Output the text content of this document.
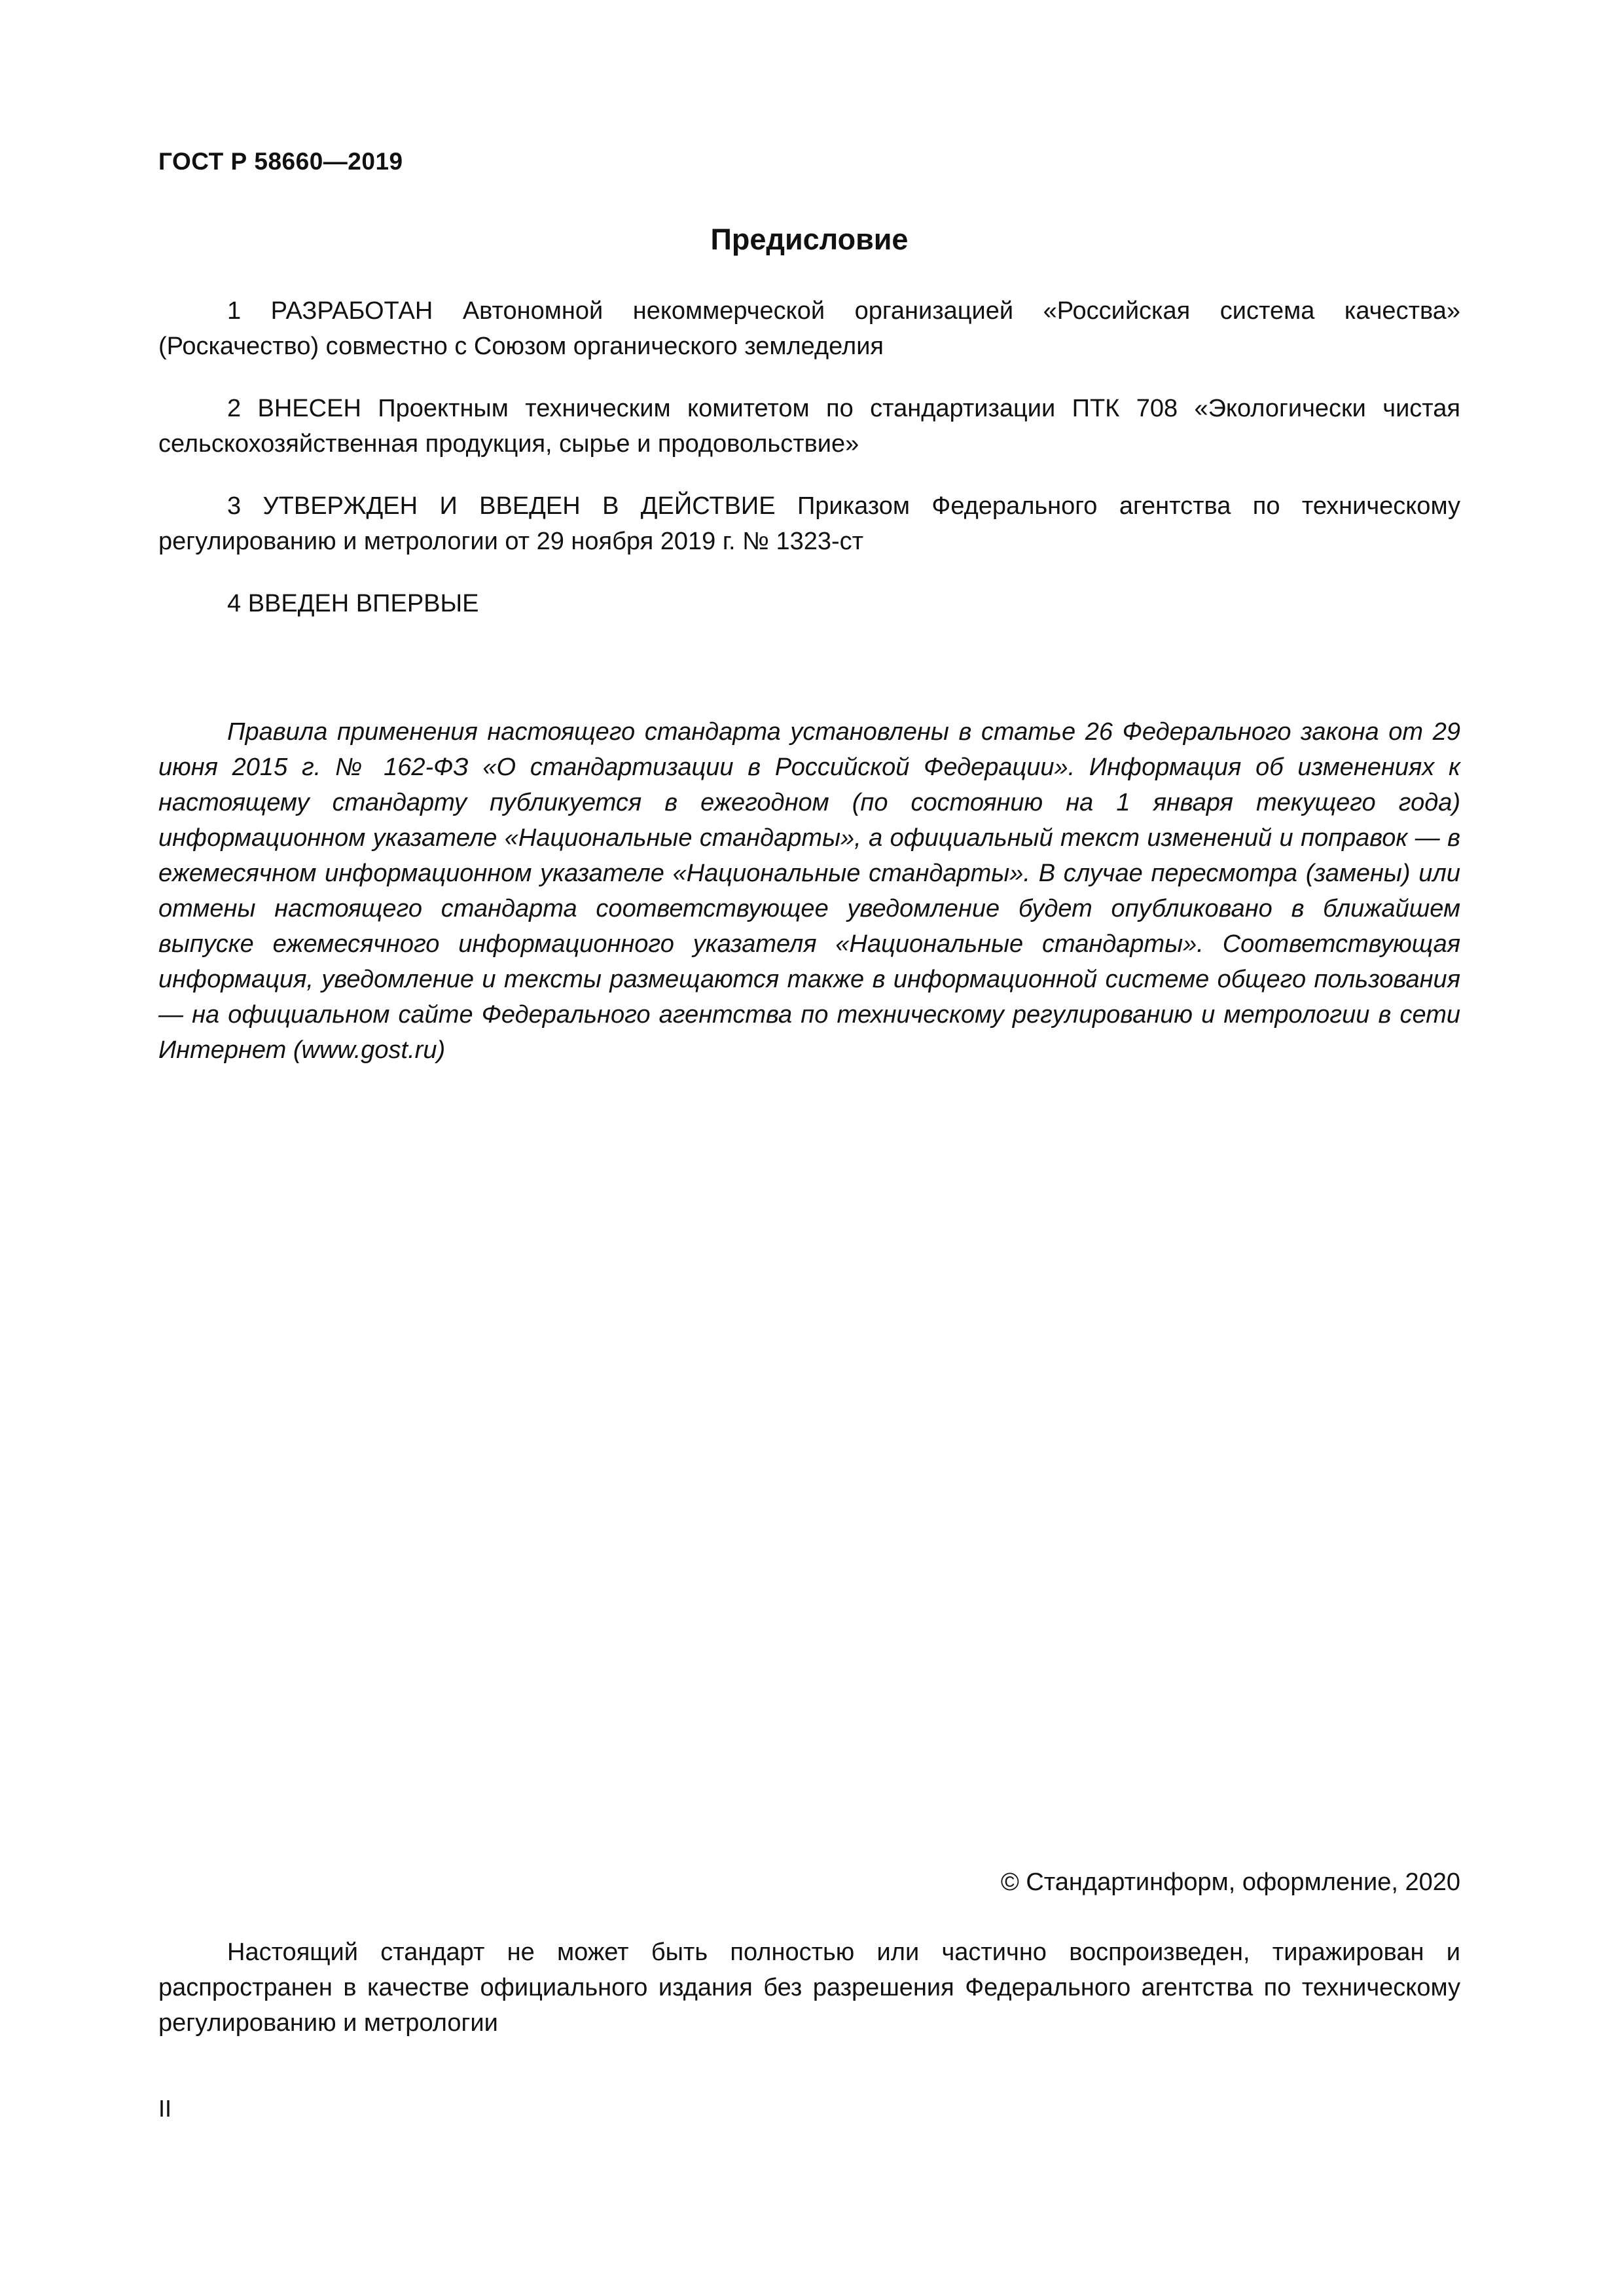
ГОСТ Р 58660—2019
Предисловие

1 РАЗРАБОТАН Автономной некоммерческой организацией «Российская система качества» (Роскачество) совместно с Союзом органического земледелия

2 ВНЕСЕН Проектным техническим комитетом по стандартизации ПТК 708 «Экологически чистая сельскохозяйственная продукция, сырье и продовольствие»

3 УТВЕРЖДЕН И ВВЕДЕН В ДЕЙСТВИЕ Приказом Федерального агентства по техническому регулированию и метрологии от 29 ноября 2019 г. № 1323-ст

4 ВВЕДЕН ВПЕРВЫЕ

Правила применения настоящего стандарта установлены в статье 26 Федерального закона от 29 июня 2015 г. № 162-ФЗ «О стандартизации в Российской Федерации». Информация об изменениях к настоящему стандарту публикуется в ежегодном (по состоянию на 1 января текущего года) информационном указателе «Национальные стандарты», а официальный текст изменений и поправок — в ежемесячном информационном указателе «Национальные стандарты». В случае пересмотра (замены) или отмены настоящего стандарта соответствующее уведомление будет опубликовано в ближайшем выпуске ежемесячного информационного указателя «Национальные стандарты». Соответствующая информация, уведомление и тексты размещаются также в информационной системе общего пользования — на официальном сайте Федерального агентства по техническому регулированию и метрологии в сети Интернет (www.gost.ru)

© Стандартинформ, оформление, 2020

Настоящий стандарт не может быть полностью или частично воспроизведен, тиражирован и распространен в качестве официального издания без разрешения Федерального агентства по техническому регулированию и метрологии

II
